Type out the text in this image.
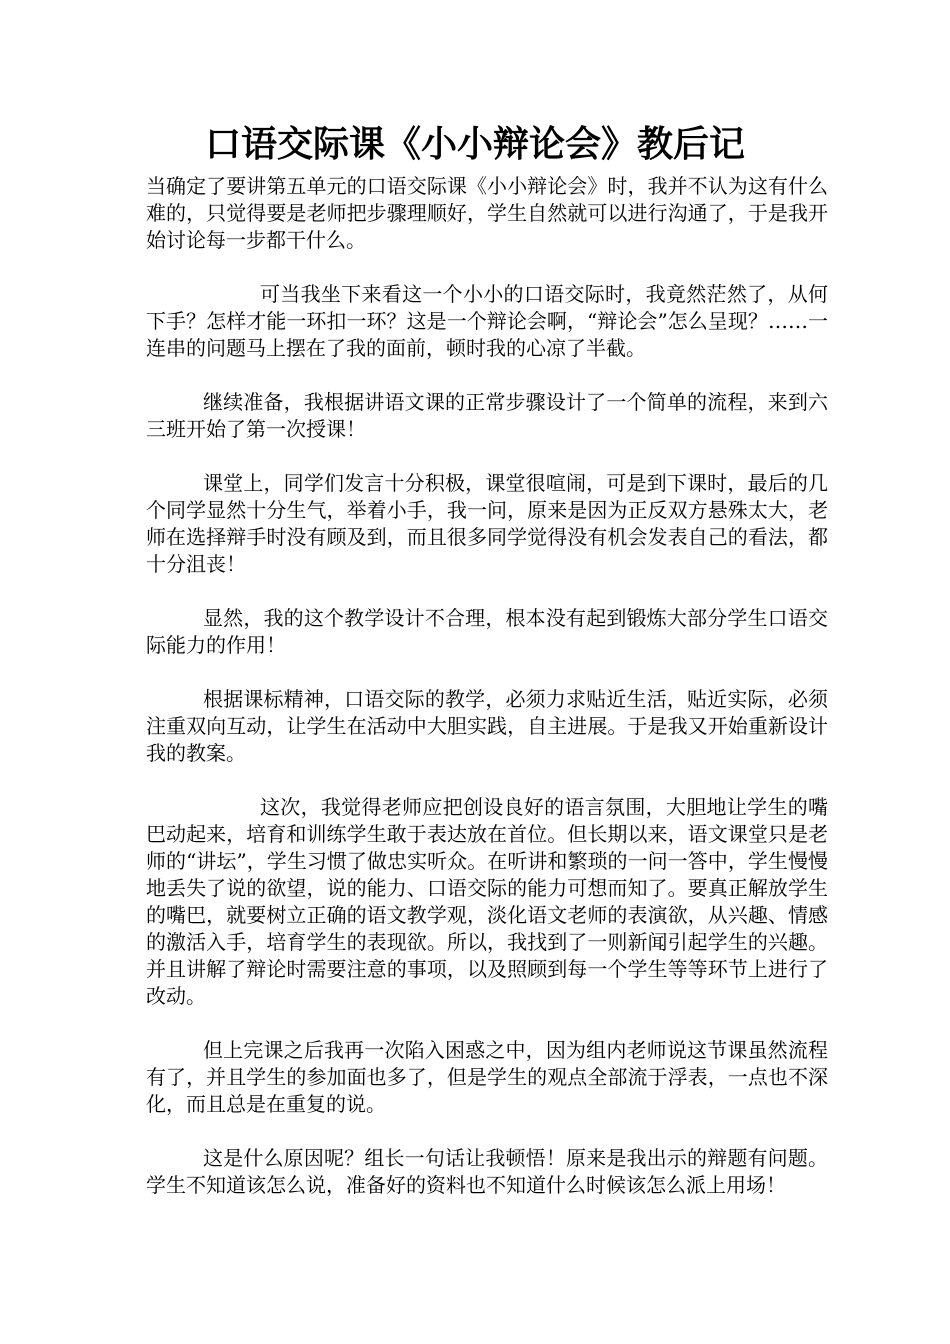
口语交际课《小小辩论会》教后记

当确定了要讲第五单元的口语交际课《小小辩论会》时，我并不认为这有什么难的，只觉得要是老师把步骤理顺好，学生自然就可以进行沟通了，于是我开始讨论每一步都干什么。

可当我坐下来看这一个小小的口语交际时，我竟然茫然了，从何下手？怎样才能一环扣一环？这是一个辩论会啊，“辩论会”怎么呈现？……一连串的问题马上摆在了我的面前，顿时我的心凉了半截。

继续准备，我根据讲语文课的正常步骤设计了一个简单的流程，来到六三班开始了第一次授课！

课堂上，同学们发言十分积极，课堂很喧闹，可是到下课时，最后的几个同学显然十分生气，举着小手，我一问，原来是因为正反双方悬殊太大，老师在选择辩手时没有顾及到，而且很多同学觉得没有机会发表自己的看法，都十分沮丧！

显然，我的这个教学设计不合理，根本没有起到锻炼大部分学生口语交际能力的作用！

根据课标精神，口语交际的教学，必须力求贴近生活，贴近实际，必须注重双向互动，让学生在活动中大胆实践，自主进展。于是我又开始重新设计我的教案。

这次，我觉得老师应把创设良好的语言氛围，大胆地让学生的嘴巴动起来，培育和训练学生敢于表达放在首位。但长期以来，语文课堂只是老师的“讲坛”，学生习惯了做忠实听众。在听讲和繁琐的一问一答中，学生慢慢地丢失了说的欲望，说的能力、口语交际的能力可想而知了。要真正解放学生的嘴巴，就要树立正确的语文教学观，淡化语文老师的表演欲，从兴趣、情感的激活入手，培育学生的表现欲。所以，我找到了一则新闻引起学生的兴趣。并且讲解了辩论时需要注意的事项，以及照顾到每一个学生等等环节上进行了改动。

但上完课之后我再一次陷入困惑之中，因为组内老师说这节课虽然流程有了，并且学生的参加面也多了，但是学生的观点全部流于浮表，一点也不深化，而且总是在重复的说。

这是什么原因呢？组长一句话让我顿悟！原来是我出示的辩题有问题。学生不知道该怎么说，准备好的资料也不知道什么时候该怎么派上用场！
